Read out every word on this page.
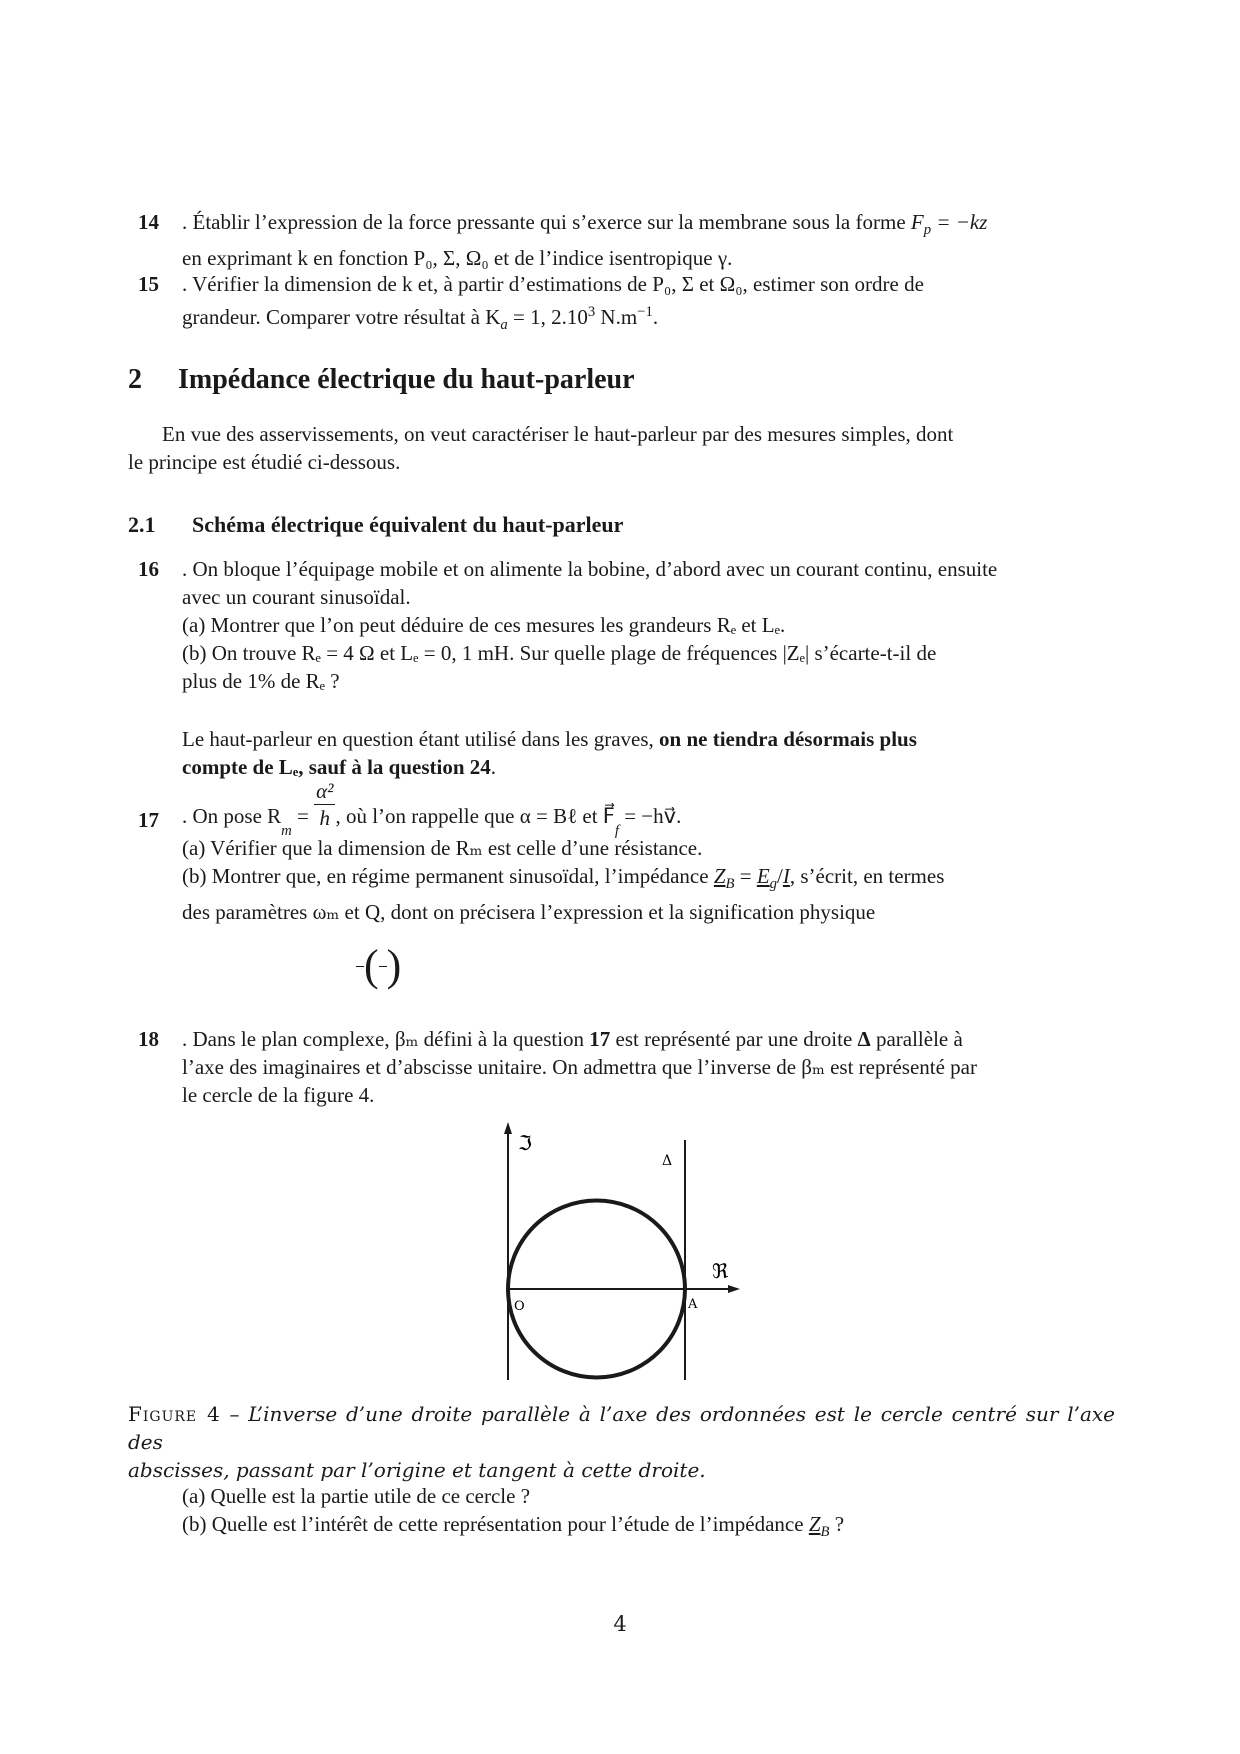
14 . Établir l’expression de la force pressante qui s’exerce sur la membrane sous la forme $F_p = -kz$
en exprimant k en fonction P₀, Σ, Ω₀ et de l’indice isentropique γ.
15 . Vérifier la dimension de k et, à partir d’estimations de P₀, Σ et Ω₀, estimer son ordre de
grandeur. Comparer votre résultat à $K_a = 1$, 2.10$^3$ $N.m^{-1}$.
2 Impédance électrique du haut-parleur
En vue des asservissements, on veut caractériser le haut-parleur par des mesures simples, dont
le principe est étudié ci-dessous.
2.1 Schéma électrique équivalent du haut-parleur
16 . On bloque l’équipage mobile et on alimente la bobine, d’abord avec un courant continu, ensuite
avec un courant sinusoïdal.
(a) Montrer que l’on peut déduire de ces mesures les grandeurs Rₑ et Lₑ.
(b) On trouve Rₑ = 4 Ω et Lₑ = 0, 1 mH. Sur quelle plage de fréquences |Zₑ| s’écarte-t-il de
plus de 1% de Rₑ ?
Le haut-parleur en question étant utilisé dans les graves, on ne tiendra désormais plus
compte de Lₑ, sauf à la question 24.
17 . On pose $R_m = \frac{\text{α²}}{h}$ , où l’on rappelle que α = Bℓ et $F⃗_f$ = −hv⃗.
(a) Vérifier que la dimension de Rₘ est celle d’une résistance.
(b) Montrer que, en régime permanent sinusoïdal, l’impédance $Z_B = E_g/I$, s’écrit, en termes
des paramètres ωₘ et Q, dont on précisera l’expression et la signification physique
( )
18 . Dans le plan complexe, βₘ défini à la question 17 est représenté par une droite Δ parallèle à
l’axe des imaginaires et d’abscisse unitaire. On admettra que l’inverse de βₘ est représenté par
le cercle de la figure 4.
ℑ
ℜ
Δ
O	A
Figure 4 – L’inverse d’une droite parallèle à l’axe des ordonnées est le cercle centré sur l’axe des
abscisses, passant par l’origine et tangent à cette droite.
(a) Quelle est la partie utile de ce cercle ?
(b) Quelle est l’intérêt de cette représentation pour l’étude de l’impédance $Z_B$ ?
4
